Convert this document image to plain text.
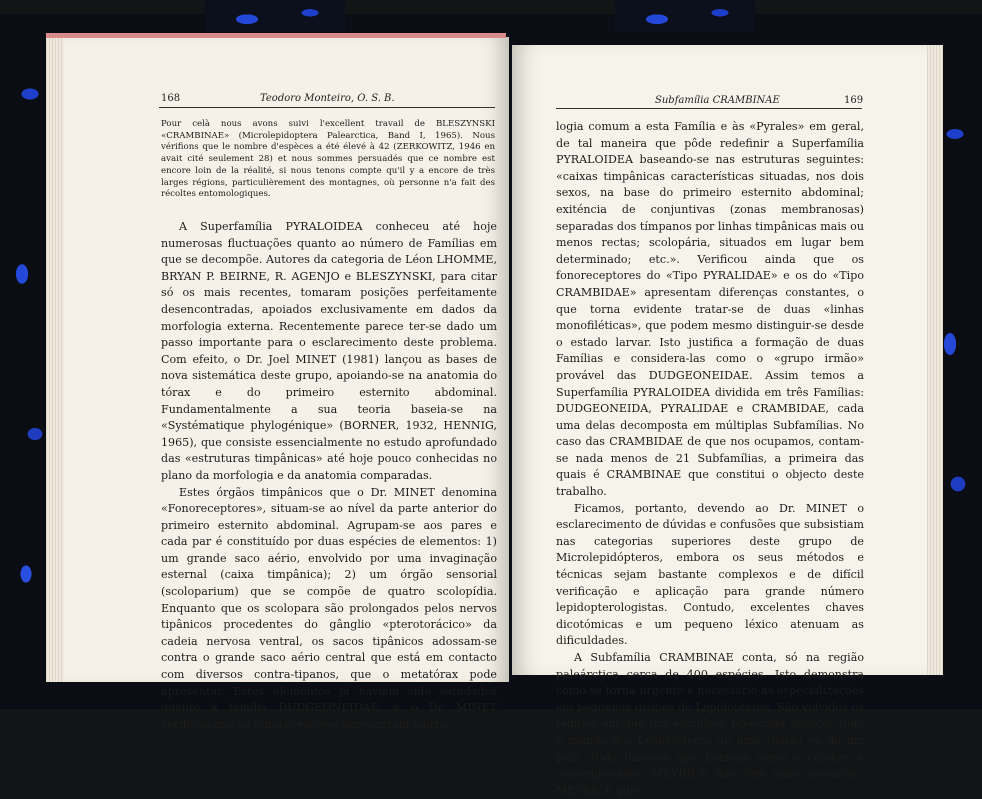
168	Teodoro Monteiro, O. S. B.

Pour celà nous avons suivi l'excellent travail de BLESZYNSKI «CRAMBINAE» (Microlepidoptera Palearctica, Band I, 1965). Nous vérifions que le nombre d'espèces a été élevé à 42 (ZERKOWITZ, 1946 en avait cité seulement 28) et nous sommes persuadés que ce nombre est encore loin de la réalité, si nous tenons compte qu'il y a encore de très larges régions, particulièrement des montagnes, où personne n'a fait des récoltes entomologiques.

A Superfamília PYRALOIDEA conheceu até hoje numerosas fluctuações quanto ao número de Famílias em que se decompõe. Autores da categoria de Léon LHOMME, BRYAN P. BEIRNE, R. AGENJO e BLESZYNSKI, para citar só os mais recentes, tomaram posições perfeitamente desencontradas, apoiados exclusivamente em dados da morfologia externa. Recentemente parece ter-se dado um passo importante para o esclarecimento deste problema. Com efeito, o Dr. Joel MINET (1981) lançou as bases de nova sistemática deste grupo, apoiando-se na anatomia do tórax e do primeiro esternito abdominal. Fundamentalmente a sua teoria baseia-se na «Systématique phylogénique» (BORNER, 1932, HENNIG, 1965), que consiste essencialmente no estudo aprofundado das «estruturas timpânicas» até hoje pouco conhecidas no plano da morfologia e da anatomia comparadas.

Estes órgãos timpânicos que o Dr. MINET denomina «Fonoreceptores», situam-se ao nível da parte anterior do primeiro esternito abdominal. Agrupam-se aos pares e cada par é constituído por duas espécies de elementos: 1) um grande saco aério, envolvido por uma invaginação esternal (caixa timpânica); 2) um órgão sensorial (scoloparium) que se compõe de quatro scolopídia. Enquanto que os scolopara são prolongados pelos nervos tipânicos procedentes do gânglio «pterotorácico» da cadeia nervosa ventral, os sacos tipânicos adossam-se contra o grande saco aério central que está em contacto com diversos contra-tipanos, que o metatórax pode apresentar. Estes elementos já haviam sido estudados quanto à família DUDGEONEIDAE, e o Dr. MINET verificou que os fonoreceptores apresentam morfo-

Subfamília CRAMBINAE	169

logia comum a esta Família e às «Pyrales» em geral, de tal maneira que pôde redefinir a Superfamília PYRALOIDEA baseando-se nas estruturas seguintes: «caixas timpânicas características situadas, nos dois sexos, na base do primeiro esternito abdominal; exiténcia de conjuntivas (zonas membranosas) separadas dos tímpanos por linhas timpânicas mais ou menos rectas; scolopária, situados em lugar bem determinado; etc.». Verificou ainda que os fonoreceptores do «Tipo PYRALIDAE» e os do «Tipo CRAMBIDAE» apresentam diferenças constantes, o que torna evidente tratar-se de duas «linhas monofiléticas», que podem mesmo distinguir-se desde o estado larvar. Isto justifica a formação de duas Famílias e considera-las como o «grupo irmão» provável das DUDGEONEIDAE. Assim temos a Superfamília PYRALOIDEA dividida em três Famílias: DUDGEONEIDA, PYRALIDAE e CRAMBIDAE, cada uma delas decomposta em múltiplas Subfamílias. No caso das CRAMBIDAE de que nos ocupamos, contam-se nada menos de 21 Subfamílias, a primeira das quais é CRAMBINAE que constitui o objecto deste trabalho.

Ficamos, portanto, devendo ao Dr. MINET o esclarecimento de dúvidas e confusões que subsistiam nas categorias superiores deste grupo de Microlepidópteros, embora os seus métodos e técnicas sejam bastante complexos e de difícil verificação e aplicação para grande número lepidopterologistas. Contudo, excelentes chaves dicotómicas e um pequeno léxico atenuam as dificuldades.

A Subfamília CRAMBINAE conta, só na região paleárctica cerca de 400 espécies. Isto demonstra como se torna urgente e necessário as especializações em pequenos grupos de Lepidópteros. São volvidos os tempos em que um estudioso pretendia abraçar todo o mundo dos Lepidópteros de uma região ou de um país. Pode dizer-se que homens como o célebre e contemporâneo MEYRICK não têm mais aceitação. MEYRICK que
